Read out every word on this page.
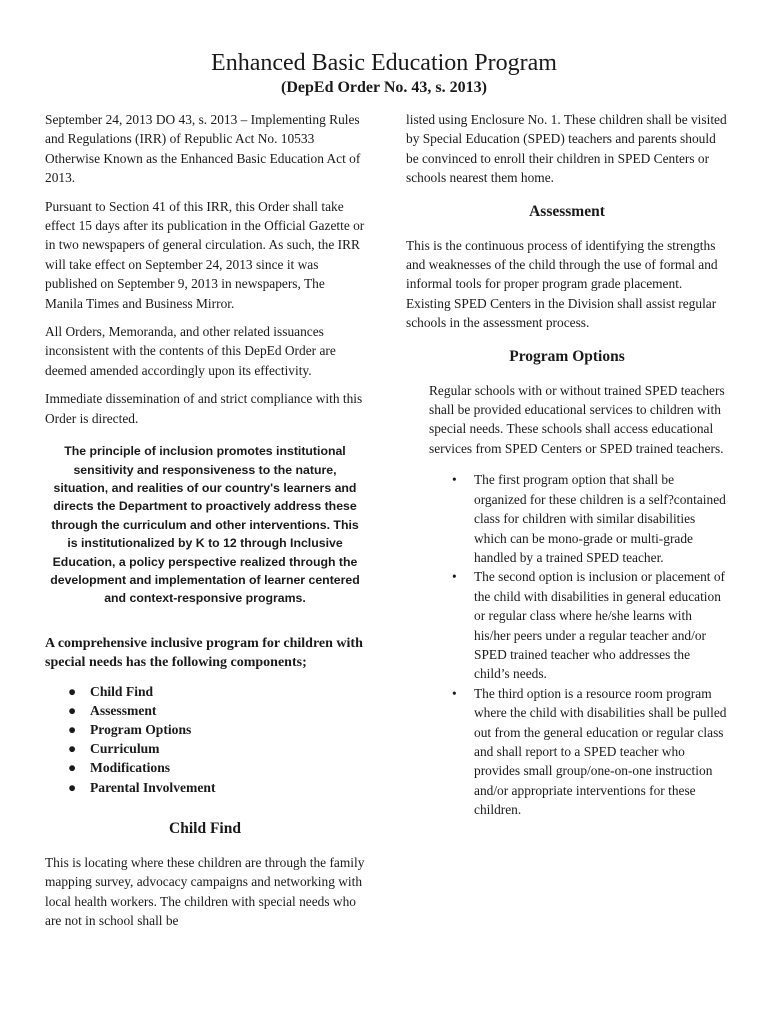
Enhanced Basic Education Program
(DepEd Order No. 43, s. 2013)

September 24, 2013 DO 43, s. 2013 – Implementing Rules and Regulations (IRR) of Republic Act No. 10533 Otherwise Known as the Enhanced Basic Education Act of 2013.

Pursuant to Section 41 of this IRR, this Order shall take effect 15 days after its publication in the Official Gazette or in two newspapers of general circulation. As such, the IRR will take effect on September 24, 2013 since it was published on September 9, 2013 in newspapers, The Manila Times and Business Mirror.

All Orders, Memoranda, and other related issuances inconsistent with the contents of this DepEd Order are deemed amended accordingly upon its effectivity.

Immediate dissemination of and strict compliance with this Order is directed.

The principle of inclusion promotes institutional sensitivity and responsiveness to the nature, situation, and realities of our country's learners and directs the Department to proactively address these through the curriculum and other interventions. This is institutionalized by K to 12 through Inclusive Education, a policy perspective realized through the development and implementation of learner centered and context-responsive programs.
A comprehensive inclusive program for children with special needs has the following components;
● Child Find
● Assessment
● Program Options
● Curriculum
● Modifications
● Parental Involvement
Child Find

This is locating where these children are through the family mapping survey, advocacy campaigns and networking with local health workers. The children with special needs who are not in school shall be

listed using Enclosure No. 1. These children shall be visited by Special Education (SPED) teachers and parents should be convinced to enroll their children in SPED Centers or schools nearest them home.

Assessment

This is the continuous process of identifying the strengths and weaknesses of the child through the use of formal and informal tools for proper program grade placement. Existing SPED Centers in the Division shall assist regular schools in the assessment process.

Program Options

Regular schools with or without trained SPED teachers shall be provided educational services to children with special needs. These schools shall access educational services from SPED Centers or SPED trained teachers.

• The first program option that shall be organized for these children is a self?contained class for children with similar disabilities which can be mono-grade or multi-grade handled by a trained SPED teacher.
• The second option is inclusion or placement of the child with disabilities in general education or regular class where he/she learns with his/her peers under a regular teacher and/or SPED trained teacher who addresses the child’s needs.
• The third option is a resource room program where the child with disabilities shall be pulled out from the general education or regular class and shall report to a SPED teacher who provides small group/one-on-one instruction and/or appropriate interventions for these children.
